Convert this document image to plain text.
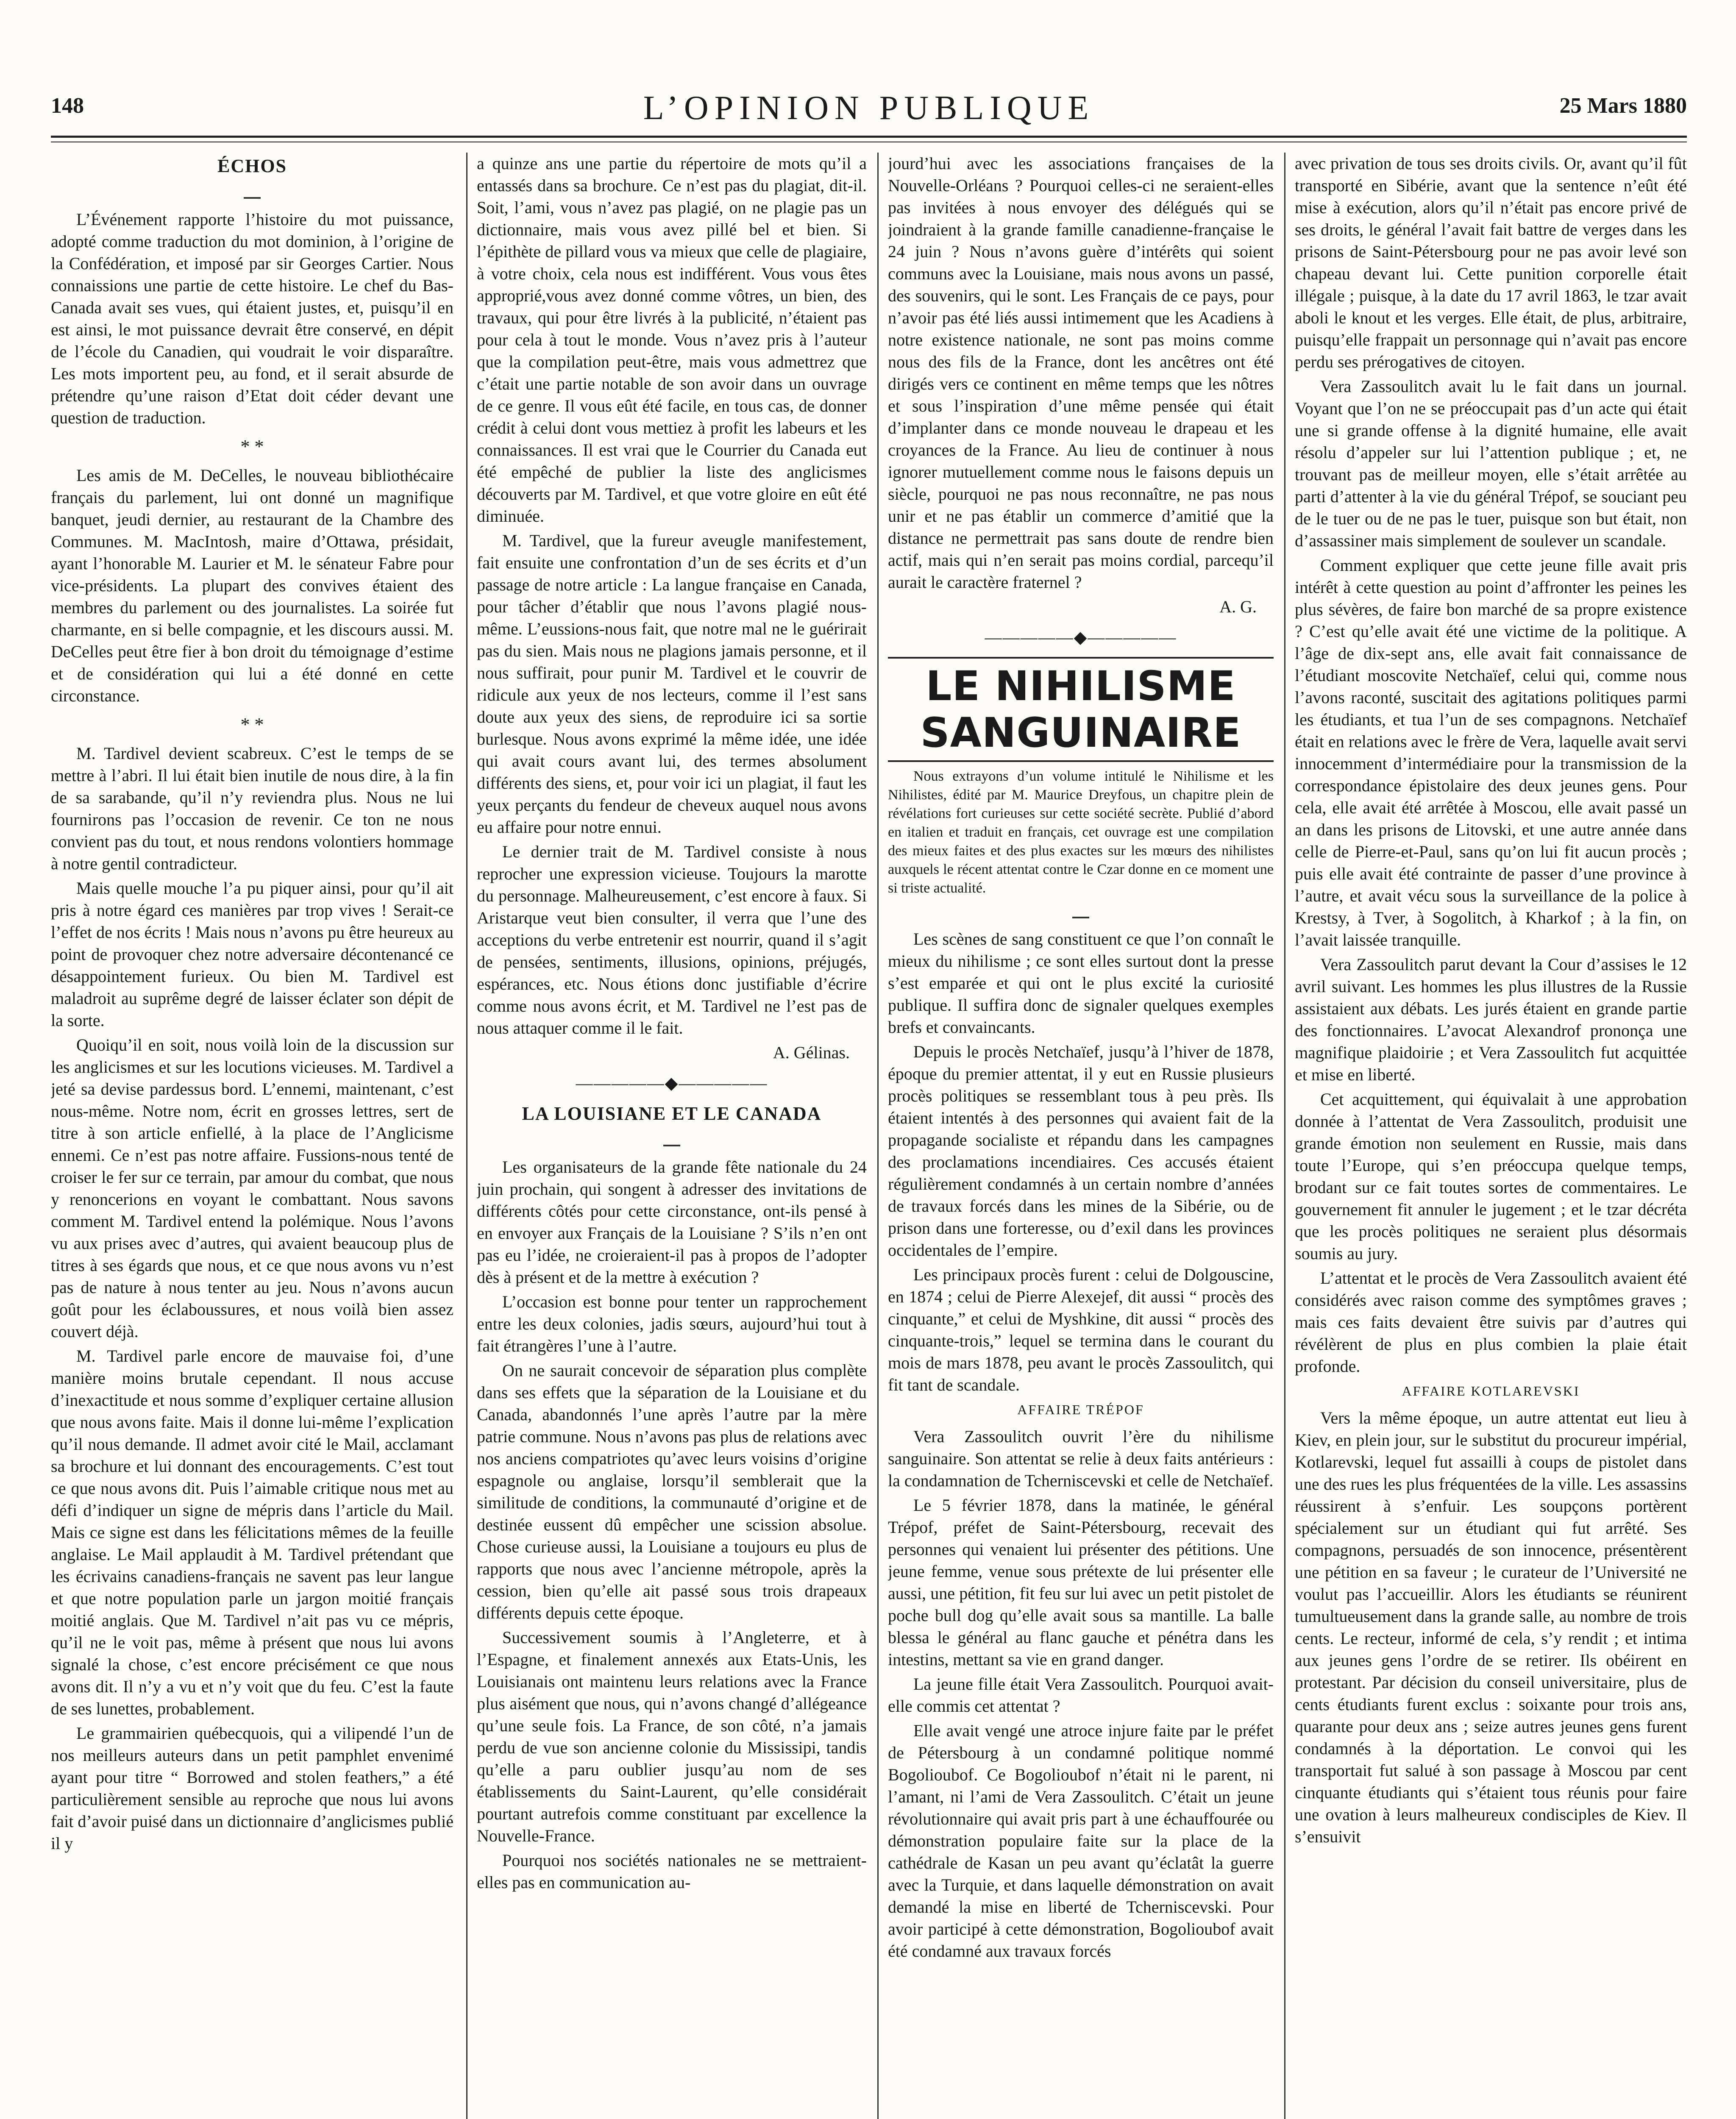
148	L’OPINION PUBLIQUE	25 Mars 1880
ÉCHOS

L’Événement rapporte l’histoire du mot puissance, adopté comme traduction du mot dominion, à l’origine de la Confédération, et imposé par sir Georges Cartier. Nous connaissions une partie de cette histoire. Le chef du Bas-Canada avait ses vues, qui étaient justes, et, puisqu’il en est ainsi, le mot puissance devrait être conservé, en dépit de l’école du Canadien, qui voudrait le voir disparaître. Les mots importent peu, au fond, et il serait absurde de prétendre qu’une raison d’Etat doit céder devant une question de traduction.

* *

Les amis de M. DeCelles, le nouveau bibliothécaire français du parlement, lui ont donné un magnifique banquet, jeudi dernier, au restaurant de la Chambre des Communes. M. MacIntosh, maire d’Ottawa, présidait, ayant l’honorable M. Laurier et M. le sénateur Fabre pour vice-présidents. La plupart des convives étaient des membres du parlement ou des journalistes. La soirée fut charmante, en si belle compagnie, et les discours aussi. M. DeCelles peut être fier à bon droit du témoignage d’estime et de considération qui lui a été donné en cette circonstance.

* *

M. Tardivel devient scabreux. C’est le temps de se mettre à l’abri. Il lui était bien inutile de nous dire, à la fin de sa sarabande, qu’il n’y reviendra plus. Nous ne lui fournirons pas l’occasion de revenir. Ce ton ne nous convient pas du tout, et nous rendons volontiers hommage à notre gentil contradicteur.

Mais quelle mouche l’a pu piquer ainsi, pour qu’il ait pris à notre égard ces manières par trop vives ! Serait-ce l’effet de nos écrits ! Mais nous n’avons pu être heureux au point de provoquer chez notre adversaire décontenancé ce désappointement furieux. Ou bien M. Tardivel est maladroit au suprême degré de laisser éclater son dépit de la sorte.

Quoiqu’il en soit, nous voilà loin de la discussion sur les anglicismes et sur les locutions vicieuses. M. Tardivel a jeté sa devise pardessus bord. L’ennemi, maintenant, c’est nous-même. Notre nom, écrit en grosses lettres, sert de titre à son article enfiellé, à la place de l’Anglicisme ennemi. Ce n’est pas notre affaire. Fussions-nous tenté de croiser le fer sur ce terrain, par amour du combat, que nous y renoncerions en voyant le combattant. Nous savons comment M. Tardivel entend la polémique. Nous l’avons vu aux prises avec d’autres, qui avaient beaucoup plus de titres à ses égards que nous, et ce que nous avons vu n’est pas de nature à nous tenter au jeu. Nous n’avons aucun goût pour les éclaboussures, et nous voilà bien assez couvert déjà.

M. Tardivel parle encore de mauvaise foi, d’une manière moins brutale cependant. Il nous accuse d’inexactitude et nous somme d’expliquer certaine allusion que nous avons faite. Mais il donne lui-même l’explication qu’il nous demande. Il admet avoir cité le Mail, acclamant sa brochure et lui donnant des encouragements. C’est tout ce que nous avons dit. Puis l’aimable critique nous met au défi d’indiquer un signe de mépris dans l’article du Mail. Mais ce signe est dans les félicitations mêmes de la feuille anglaise. Le Mail applaudit à M. Tardivel prétendant que les écrivains canadiens-français ne savent pas leur langue et que notre population parle un jargon moitié français moitié anglais. Que M. Tardivel n’ait pas vu ce mépris, qu’il ne le voit pas, même à présent que nous lui avons signalé la chose, c’est encore précisément ce que nous avons dit. Il n’y a vu et n’y voit que du feu. C’est la faute de ses lunettes, probablement.

Le grammairien québecquois, qui a vilipendé l’un de nos meilleurs auteurs dans un petit pamphlet envenimé ayant pour titre “ Borrowed and stolen feathers,” a été particulièrement sensible au reproche que nous lui avons fait d’avoir puisé dans un dictionnaire d’anglicismes publié il y

a quinze ans une partie du répertoire de mots qu’il a entassés dans sa brochure. Ce n’est pas du plagiat, dit-il. Soit, l’ami, vous n’avez pas plagié, on ne plagie pas un dictionnaire, mais vous avez pillé bel et bien. Si l’épithète de pillard vous va mieux que celle de plagiaire, à votre choix, cela nous est indifférent. Vous vous êtes approprié,vous avez donné comme vôtres, un bien, des travaux, qui pour être livrés à la publicité, n’étaient pas pour cela à tout le monde. Vous n’avez pris à l’auteur que la compilation peut-être, mais vous admettrez que c’était une partie notable de son avoir dans un ouvrage de ce genre. Il vous eût été facile, en tous cas, de donner crédit à celui dont vous mettiez à profit les labeurs et les connaissances. Il est vrai que le Courrier du Canada eut été empêché de publier la liste des anglicismes découverts par M. Tardivel, et que votre gloire en eût été diminuée.

M. Tardivel, que la fureur aveugle manifestement, fait ensuite une confrontation d’un de ses écrits et d’un passage de notre article : La langue française en Canada, pour tâcher d’établir que nous l’avons plagié nous-même. L’eussions-nous fait, que notre mal ne le guérirait pas du sien. Mais nous ne plagions jamais personne, et il nous suffirait, pour punir M. Tardivel et le couvrir de ridicule aux yeux de nos lecteurs, comme il l’est sans doute aux yeux des siens, de reproduire ici sa sortie burlesque. Nous avons exprimé la même idée, une idée qui avait cours avant lui, des termes absolument différents des siens, et, pour voir ici un plagiat, il faut les yeux perçants du fendeur de cheveux auquel nous avons eu affaire pour notre ennui.

Le dernier trait de M. Tardivel consiste à nous reprocher une expression vicieuse. Toujours la marotte du personnage. Malheureusement, c’est encore à faux. Si Aristarque veut bien consulter, il verra que l’une des acceptions du verbe entretenir est nourrir, quand il s’agit de pensées, sentiments, illusions, opinions, préjugés, espérances, etc. Nous étions donc justifiable d’écrire comme nous avons écrit, et M. Tardivel ne l’est pas de nous attaquer comme il le fait.

A. Gélinas.
—————◆—————
LA LOUISIANE ET LE CANADA

Les organisateurs de la grande fête nationale du 24 juin prochain, qui songent à adresser des invitations de différents côtés pour cette circonstance, ont-ils pensé à en envoyer aux Français de la Louisiane ? S’ils n’en ont pas eu l’idée, ne croieraient-il pas à propos de l’adopter dès à présent et de la mettre à exécution ?

L’occasion est bonne pour tenter un rapprochement entre les deux colonies, jadis sœurs, aujourd’hui tout à fait étrangères l’une à l’autre.

On ne saurait concevoir de séparation plus complète dans ses effets que la séparation de la Louisiane et du Canada, abandonnés l’une après l’autre par la mère patrie commune. Nous n’avons pas plus de relations avec nos anciens compatriotes qu’avec leurs voisins d’origine espagnole ou anglaise, lorsqu’il semblerait que la similitude de conditions, la communauté d’origine et de destinée eussent dû empêcher une scission absolue. Chose curieuse aussi, la Louisiane a toujours eu plus de rapports que nous avec l’ancienne métropole, après la cession, bien qu’elle ait passé sous trois drapeaux différents depuis cette époque.

Successivement soumis à l’Angleterre, et à l’Espagne, et finalement annexés aux Etats-Unis, les Louisianais ont maintenu leurs relations avec la France plus aisément que nous, qui n’avons changé d’allégeance qu’une seule fois. La France, de son côté, n’a jamais perdu de vue son ancienne colonie du Mississipi, tandis qu’elle a paru oublier jusqu’au nom de ses établissements du Saint-Laurent, qu’elle considérait pourtant autrefois comme constituant par excellence la Nouvelle-France.

Pourquoi nos sociétés nationales ne se mettraient-elles pas en communication au-

jourd’hui avec les associations françaises de la Nouvelle-Orléans ? Pourquoi celles-ci ne seraient-elles pas invitées à nous envoyer des délégués qui se joindraient à la grande famille canadienne-française le 24 juin ? Nous n’avons guère d’intérêts qui soient communs avec la Louisiane, mais nous avons un passé, des souvenirs, qui le sont. Les Français de ce pays, pour n’avoir pas été liés aussi intimement que les Acadiens à notre existence nationale, ne sont pas moins comme nous des fils de la France, dont les ancêtres ont été dirigés vers ce continent en même temps que les nôtres et sous l’inspiration d’une même pensée qui était d’implanter dans ce monde nouveau le drapeau et les croyances de la France. Au lieu de continuer à nous ignorer mutuellement comme nous le faisons depuis un siècle, pourquoi ne pas nous reconnaître, ne pas nous unir et ne pas établir un commerce d’amitié que la distance ne permettrait pas sans doute de rendre bien actif, mais qui n’en serait pas moins cordial, parcequ’il aurait le caractère fraternel ?

A. G.
—————◆—————
LE NIHILISME SANGUINAIRE

Nous extrayons d’un volume intitulé le Nihilisme et les Nihilistes, édité par M. Maurice Dreyfous, un chapitre plein de révélations fort curieuses sur cette société secrète. Publié d’abord en italien et traduit en français, cet ouvrage est une compilation des mieux faites et des plus exactes sur les mœurs des nihilistes auxquels le récent attentat contre le Czar donne en ce moment une si triste actualité.

Les scènes de sang constituent ce que l’on connaît le mieux du nihilisme ; ce sont elles surtout dont la presse s’est emparée et qui ont le plus excité la curiosité publique. Il suffira donc de signaler quelques exemples brefs et convaincants.

Depuis le procès Netchaïef, jusqu’à l’hiver de 1878, époque du premier attentat, il y eut en Russie plusieurs procès politiques se ressemblant tous à peu près. Ils étaient intentés à des personnes qui avaient fait de la propagande socialiste et répandu dans les campagnes des proclamations incendiaires. Ces accusés étaient régulièrement condamnés à un certain nombre d’années de travaux forcés dans les mines de la Sibérie, ou de prison dans une forteresse, ou d’exil dans les provinces occidentales de l’empire.

Les principaux procès furent : celui de Dolgouscine, en 1874 ; celui de Pierre Alexejef, dit aussi “ procès des cinquante,” et celui de Myshkine, dit aussi “ procès des cinquante-trois,” lequel se termina dans le courant du mois de mars 1878, peu avant le procès Zassoulitch, qui fit tant de scandale.

AFFAIRE TRÉPOF

Vera Zassoulitch ouvrit l’ère du nihilisme sanguinaire. Son attentat se relie à deux faits antérieurs : la condamnation de Tcherniscevski et celle de Netchaïef.

Le 5 février 1878, dans la matinée, le général Trépof, préfet de Saint-Pétersbourg, recevait des personnes qui venaient lui présenter des pétitions. Une jeune femme, venue sous prétexte de lui présenter elle aussi, une pétition, fit feu sur lui avec un petit pistolet de poche bull dog qu’elle avait sous sa mantille. La balle blessa le général au flanc gauche et pénétra dans les intestins, mettant sa vie en grand danger.

La jeune fille était Vera Zassoulitch. Pourquoi avait-elle commis cet attentat ?

Elle avait vengé une atroce injure faite par le préfet de Pétersbourg à un condamné politique nommé Bogolioubof. Ce Bogolioubof n’était ni le parent, ni l’amant, ni l’ami de Vera Zassoulitch. C’était un jeune révolutionnaire qui avait pris part à une échauffourée ou démonstration populaire faite sur la place de la cathédrale de Kasan un peu avant qu’éclatât la guerre avec la Turquie, et dans laquelle démonstration on avait demandé la mise en liberté de Tcherniscevski. Pour avoir participé à cette démonstration, Bogolioubof avait été condamné aux travaux forcés

avec privation de tous ses droits civils. Or, avant qu’il fût transporté en Sibérie, avant que la sentence n’eût été mise à exécution, alors qu’il n’était pas encore privé de ses droits, le général l’avait fait battre de verges dans les prisons de Saint-Pétersbourg pour ne pas avoir levé son chapeau devant lui. Cette punition corporelle était illégale ; puisque, à la date du 17 avril 1863, le tzar avait aboli le knout et les verges. Elle était, de plus, arbitraire, puisqu’elle frappait un personnage qui n’avait pas encore perdu ses prérogatives de citoyen.

Vera Zassoulitch avait lu le fait dans un journal. Voyant que l’on ne se préoccupait pas d’un acte qui était une si grande offense à la dignité humaine, elle avait résolu d’appeler sur lui l’attention publique ; et, ne trouvant pas de meilleur moyen, elle s’était arrêtée au parti d’attenter à la vie du général Trépof, se souciant peu de le tuer ou de ne pas le tuer, puisque son but était, non d’assassiner mais simplement de soulever un scandale.

Comment expliquer que cette jeune fille avait pris intérêt à cette question au point d’affronter les peines les plus sévères, de faire bon marché de sa propre existence ? C’est qu’elle avait été une victime de la politique. A l’âge de dix-sept ans, elle avait fait connaissance de l’étudiant moscovite Netchaïef, celui qui, comme nous l’avons raconté, suscitait des agitations politiques parmi les étudiants, et tua l’un de ses compagnons. Netchaïef était en relations avec le frère de Vera, laquelle avait servi innocemment d’intermédiaire pour la transmission de la correspondance épistolaire des deux jeunes gens. Pour cela, elle avait été arrêtée à Moscou, elle avait passé un an dans les prisons de Litovski, et une autre année dans celle de Pierre-et-Paul, sans qu’on lui fit aucun procès ; puis elle avait été contrainte de passer d’une province à l’autre, et avait vécu sous la surveillance de la police à Krestsy, à Tver, à Sogolitch, à Kharkof ; à la fin, on l’avait laissée tranquille.

Vera Zassoulitch parut devant la Cour d’assises le 12 avril suivant. Les hommes les plus illustres de la Russie assistaient aux débats. Les jurés étaient en grande partie des fonctionnaires. L’avocat Alexandrof prononça une magnifique plaidoirie ; et Vera Zassoulitch fut acquittée et mise en liberté.

Cet acquittement, qui équivalait à une approbation donnée à l’attentat de Vera Zassoulitch, produisit une grande émotion non seulement en Russie, mais dans toute l’Europe, qui s’en préoccupa quelque temps, brodant sur ce fait toutes sortes de commentaires. Le gouvernement fit annuler le jugement ; et le tzar décréta que les procès politiques ne seraient plus désormais soumis au jury.

L’attentat et le procès de Vera Zassoulitch avaient été considérés avec raison comme des symptômes graves ; mais ces faits devaient être suivis par d’autres qui révélèrent de plus en plus combien la plaie était profonde.

AFFAIRE KOTLAREVSKI

Vers la même époque, un autre attentat eut lieu à Kiev, en plein jour, sur le substitut du procureur impérial, Kotlarevski, lequel fut assailli à coups de pistolet dans une des rues les plus fréquentées de la ville. Les assassins réussirent à s’enfuir. Les soupçons portèrent spécialement sur un étudiant qui fut arrêté. Ses compagnons, persuadés de son innocence, présentèrent une pétition en sa faveur ; le curateur de l’Université ne voulut pas l’accueillir. Alors les étudiants se réunirent tumultueusement dans la grande salle, au nombre de trois cents. Le recteur, informé de cela, s’y rendit ; et intima aux jeunes gens l’ordre de se retirer. Ils obéirent en protestant. Par décision du conseil universitaire, plus de cents étudiants furent exclus : soixante pour trois ans, quarante pour deux ans ; seize autres jeunes gens furent condamnés à la déportation. Le convoi qui les transportait fut salué à son passage à Moscou par cent cinquante étudiants qui s’étaient tous réunis pour faire une ovation à leurs malheureux condisciples de Kiev. Il s’ensuivit
